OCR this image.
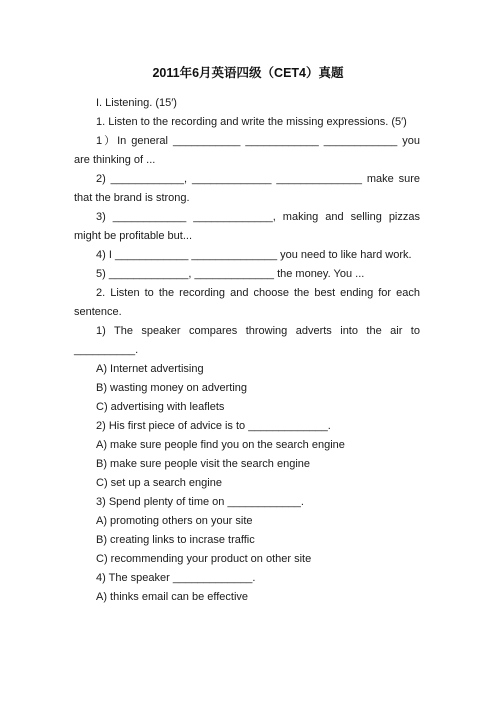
2011年6月英语四级（CET4）真题

I. Listening. (15′)

1. Listen to the recording and write the missing expressions. (5′)

1）In general ___________ ____________ ____________ you are thinking of ...

2) ____________, _____________ ______________ make sure that the brand is strong.

3) ____________ _____________, making and selling pizzas might be profitable but...

4) I ____________ ______________ you need to like hard work.

5) _____________, _____________ the money. You ...

2. Listen to the recording and choose the best ending for each sentence.

1) The speaker compares throwing adverts into the air to __________.

A) Internet advertising

B) wasting money on adverting

C) advertising with leaflets

2) His first piece of advice is to _____________.

A) make sure people find you on the search engine

B) make sure people visit the search engine

C) set up a search engine

3) Spend plenty of time on ____________.

A) promoting others on your site

B) creating links to incrase traffic

C) recommending your product on other site

4) The speaker _____________.

A) thinks email can be effective
